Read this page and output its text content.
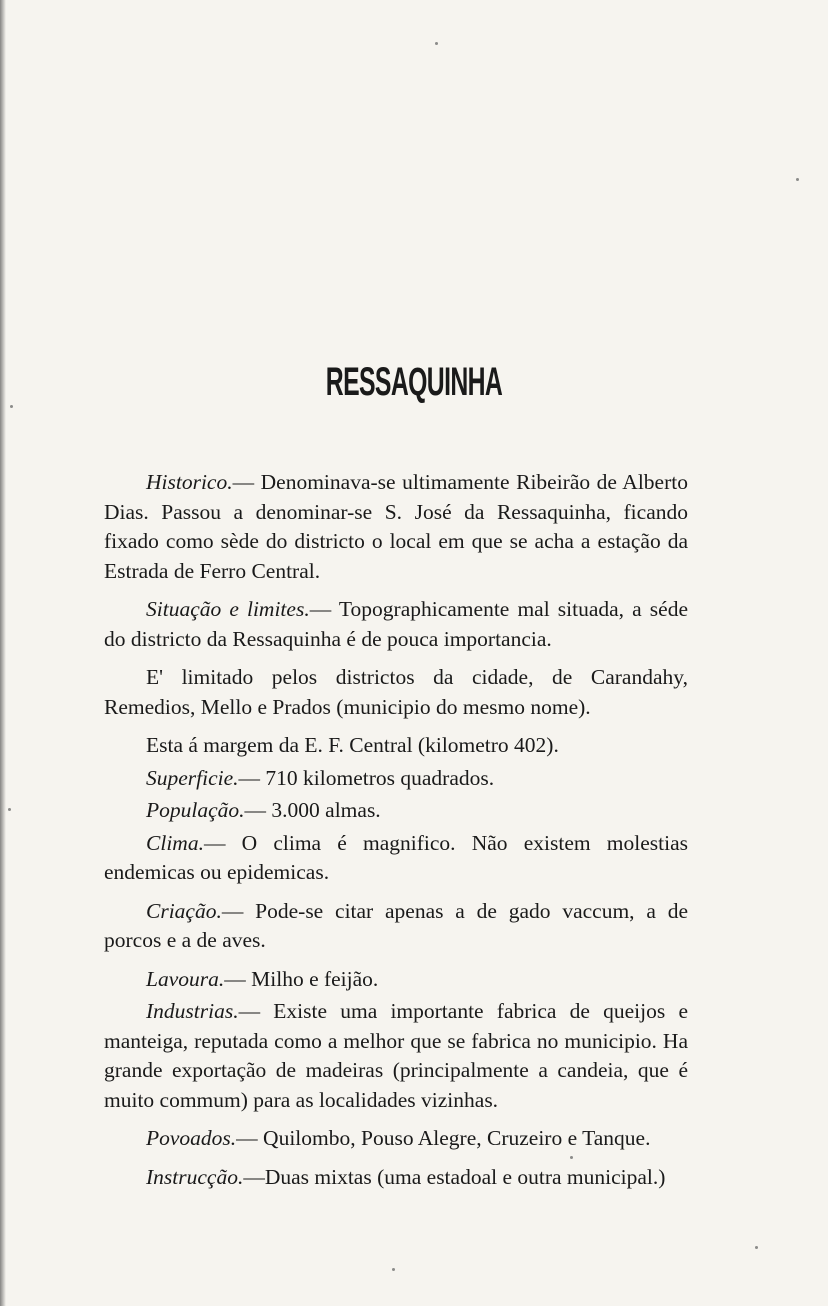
RESSAQUINHA

Historico.— Denominava-se ultimamente Ribeirão de Alberto Dias. Passou a denominar-se S. José da Ressaquinha, ficando fixado como sède do districto o local em que se acha a estação da Estrada de Ferro Central.

Situação e limites.— Topographicamente mal situada, a séde do districto da Ressaquinha é de pouca importancia.

E' limitado pelos districtos da cidade, de Carandahy, Remedios, Mello e Prados (municipio do mesmo nome).

Esta á margem da E. F. Central (kilometro 402).

Superficie.— 710 kilometros quadrados.

População.— 3.000 almas.

Clima.— O clima é magnifico. Não existem molestias endemicas ou epidemicas.

Criação.— Pode-se citar apenas a de gado vaccum, a de porcos e a de aves.

Lavoura.— Milho e feijão.

Industrias.— Existe uma importante fabrica de queijos e manteiga, reputada como a melhor que se fabrica no municipio. Ha grande exportação de madeiras (principalmente a candeia, que é muito commum) para as localidades vizinhas.

Povoados.— Quilombo, Pouso Alegre, Cruzeiro e Tanque.

Instrucção.—Duas mixtas (uma estadoal e outra municipal.)
